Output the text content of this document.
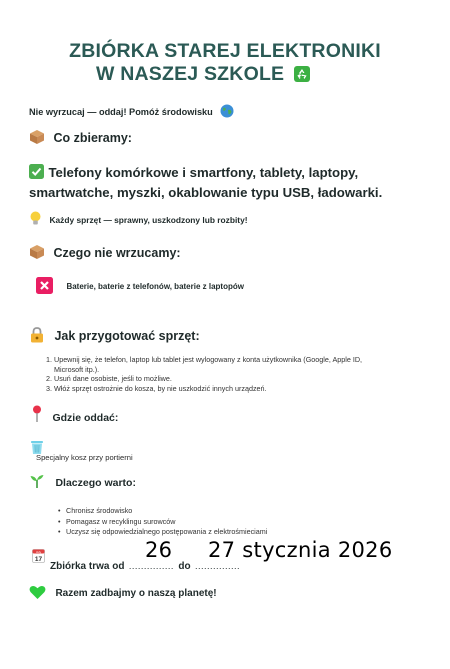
ZBIÓRKA STAREJ ELEKTRONIKI
W NASZEJ SZKOLE
Nie wyrzucaj — oddaj! Pomóż środowisku
Co zbieramy:
Telefony komórkowe i smartfony, tablety, laptopy, smartwatche, myszki, okablowanie typu USB, ładowarki.
Każdy sprzęt — sprawny, uszkodzony lub rozbity!
Czego nie wrzucamy:
Baterie, baterie z telefonów, baterie z laptopów
Jak przygotować sprzęt:
1. Upewnij się, że telefon, laptop lub tablet jest wylogowany z konta użytkownika (Google, Apple ID, Microsoft itp.).
2. Usuń dane osobiste, jeśli to możliwe.
3. Włóż sprzęt ostrożnie do kosza, by nie uszkodzić innych urządzeń.
Gdzie oddać:
Specjalny kosz przy portierni
Dlaczego warto:
• Chronisz środowisko
• Pomagasz w recyklingu surowców
• Uczysz się odpowiedzialnego postępowania z elektrośmieciami
July
17
Zbiórka trwa od ............... do ...............
26 27 stycznia 2026
Razem zadbajmy o naszą planetę!
